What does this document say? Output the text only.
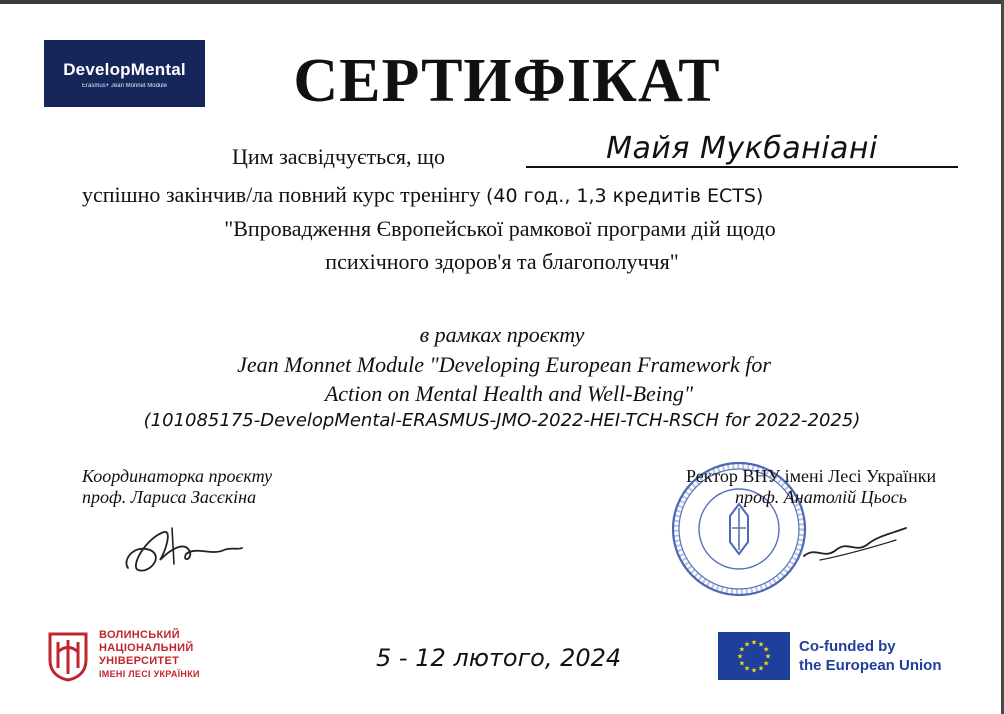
DevelopMental
Erasmus+ Jean Monnet Module	СЕРТИФІКАТ
Цим засвідчується, що	Майя Мукбаніані
успішно закінчив/ла повний курс тренінгу (40 год., 1,3 кредитів ECTS)
"Впровадження Європейської рамкової програми дій щодо
психічного здоров'я та благополуччя"
в рамках проєкту
Jean Monnet Module "Developing European Framework for
Action on Mental Health and Well-Being"
(101085175-DevelopMental-ERASMUS-JMO-2022-HEI-TCH-RSCH for 2022-2025)
Координаторка проєкту
проф. Лариса Засєкіна
Ректор ВНУ імені Лесі Українки
проф. Анатолій Цьось
ВОЛИНСЬКИЙ
НАЦІОНАЛЬНИЙ
УНІВЕРСИТЕТ
ІМЕНІ ЛЕСІ УКРАЇНКИ
5 - 12 лютого, 2024
★ ★
★
★
★
★
★
★
★
★
★
★	Co-funded by
the European Union
